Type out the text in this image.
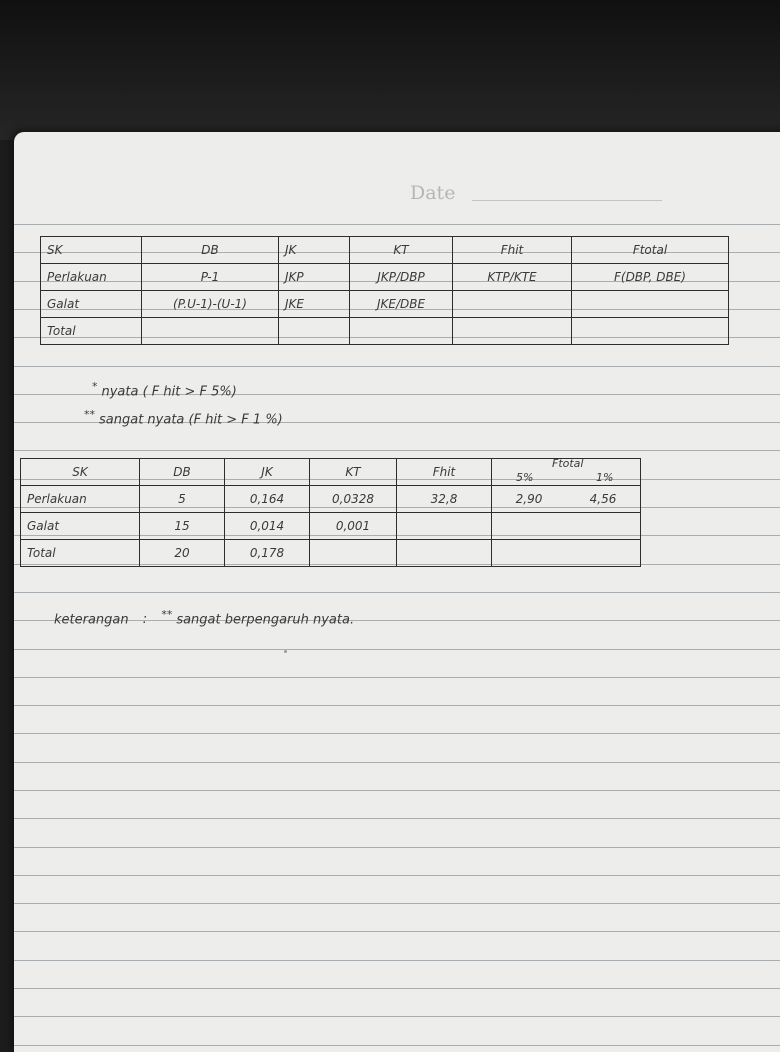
Date
SK	DB	JK	KT	Fhit	Ftotal
Perlakuan	P-1	JKP	JKP/DBP	KTP/KTE	F(DBP, DBE)
Galat	(P.U-1)-(U-1)	JKE	JKE/DBE		
Total					
* nyata ( F hit > F 5%)
** sangat nyata (F hit > F 1 %)
SK	DB	JK	KT	Fhit	Ftotal
5% 1%

Perlakuan	5	0,164	0,0328	32,8	2,90 4,56

Galat	15	0,014	0,001		
Total	20	0,178			
keterangan : ** sangat berpengaruh nyata.
